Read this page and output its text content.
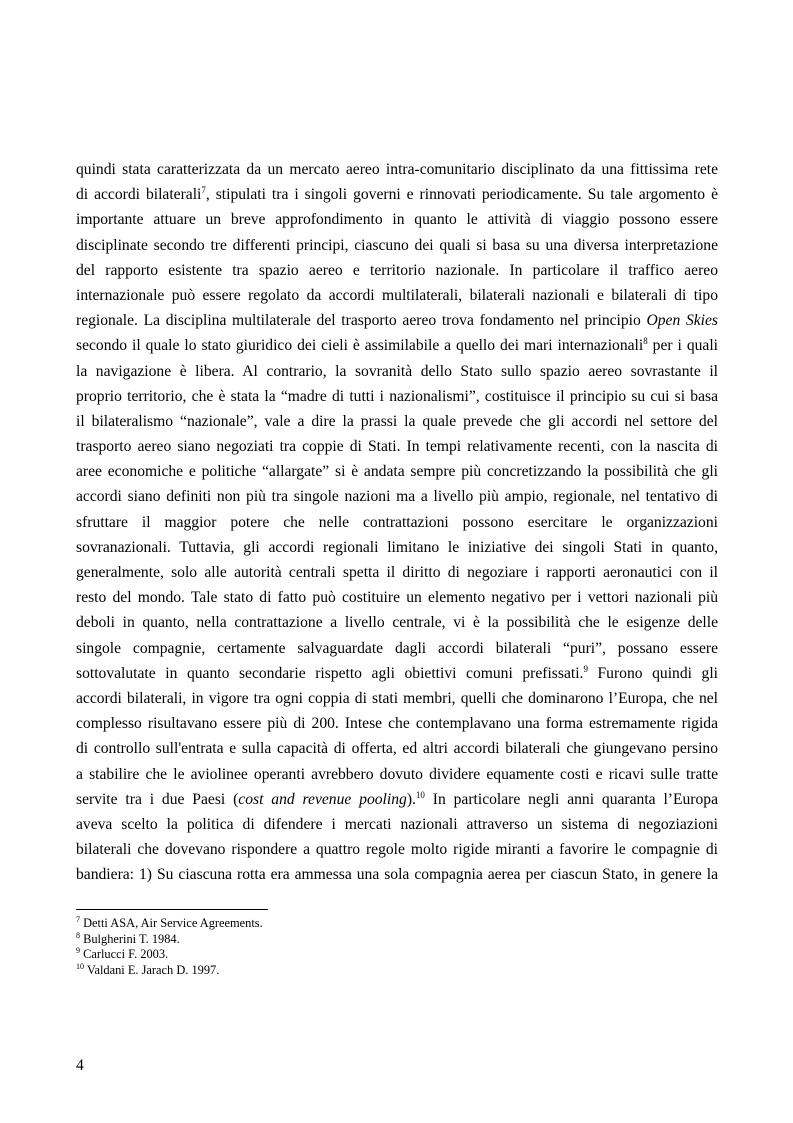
quindi stata caratterizzata da un mercato aereo intra-comunitario disciplinato da una fittissima rete
di accordi bilaterali$^7$, stipulati tra i singoli governi e rinnovati periodicamente. Su tale argomento è
importante attuare un breve approfondimento in quanto le attività di viaggio possono essere
disciplinate secondo tre differenti principi, ciascuno dei quali si basa su una diversa interpretazione
del rapporto esistente tra spazio aereo e territorio nazionale. In particolare il traffico aereo
internazionale può essere regolato da accordi multilaterali, bilaterali nazionali e bilaterali di tipo
regionale. La disciplina multilaterale del trasporto aereo trova fondamento nel principio Open Skies
secondo il quale lo stato giuridico dei cieli è assimilabile a quello dei mari internazionali$^8$ per i quali
la navigazione è libera. Al contrario, la sovranità dello Stato sullo spazio aereo sovrastante il
proprio territorio, che è stata la “madre di tutti i nazionalismi”, costituisce il principio su cui si basa
il bilateralismo “nazionale”, vale a dire la prassi la quale prevede che gli accordi nel settore del
trasporto aereo siano negoziati tra coppie di Stati. In tempi relativamente recenti, con la nascita di
aree economiche e politiche “allargate” si è andata sempre più concretizzando la possibilità che gli
accordi siano definiti non più tra singole nazioni ma a livello più ampio, regionale, nel tentativo di
sfruttare il maggior potere che nelle contrattazioni possono esercitare le organizzazioni
sovranazionali. Tuttavia, gli accordi regionali limitano le iniziative dei singoli Stati in quanto,
generalmente, solo alle autorità centrali spetta il diritto di negoziare i rapporti aeronautici con il
resto del mondo. Tale stato di fatto può costituire un elemento negativo per i vettori nazionali più
deboli in quanto, nella contrattazione a livello centrale, vi è la possibilità che le esigenze delle
singole compagnie, certamente salvaguardate dagli accordi bilaterali “puri”, possano essere
sottovalutate in quanto secondarie rispetto agli obiettivi comuni prefissati.$^9$ Furono quindi gli
accordi bilaterali, in vigore tra ogni coppia di stati membri, quelli che dominarono l’Europa, che nel
complesso risultavano essere più di 200. Intese che contemplavano una forma estremamente rigida
di controllo sull'entrata e sulla capacità di offerta, ed altri accordi bilaterali che giungevano persino
a stabilire che le aviolinee operanti avrebbero dovuto dividere equamente costi e ricavi sulle tratte
servite tra i due Paesi (cost and revenue pooling).$^{10}$ In particolare negli anni quaranta l’Europa
aveva scelto la politica di difendere i mercati nazionali attraverso un sistema di negoziazioni
bilaterali che dovevano rispondere a quattro regole molto rigide miranti a favorire le compagnie di
bandiera: 1) Su ciascuna rotta era ammessa una sola compagnia aerea per ciascun Stato, in genere la
$^7$ Detti ASA, Air Service Agreements.
$^8$ Bulgherini T. 1984.
$^9$ Carlucci F. 2003.
$^{10}$ Valdani E. Jarach D. 1997.
4
